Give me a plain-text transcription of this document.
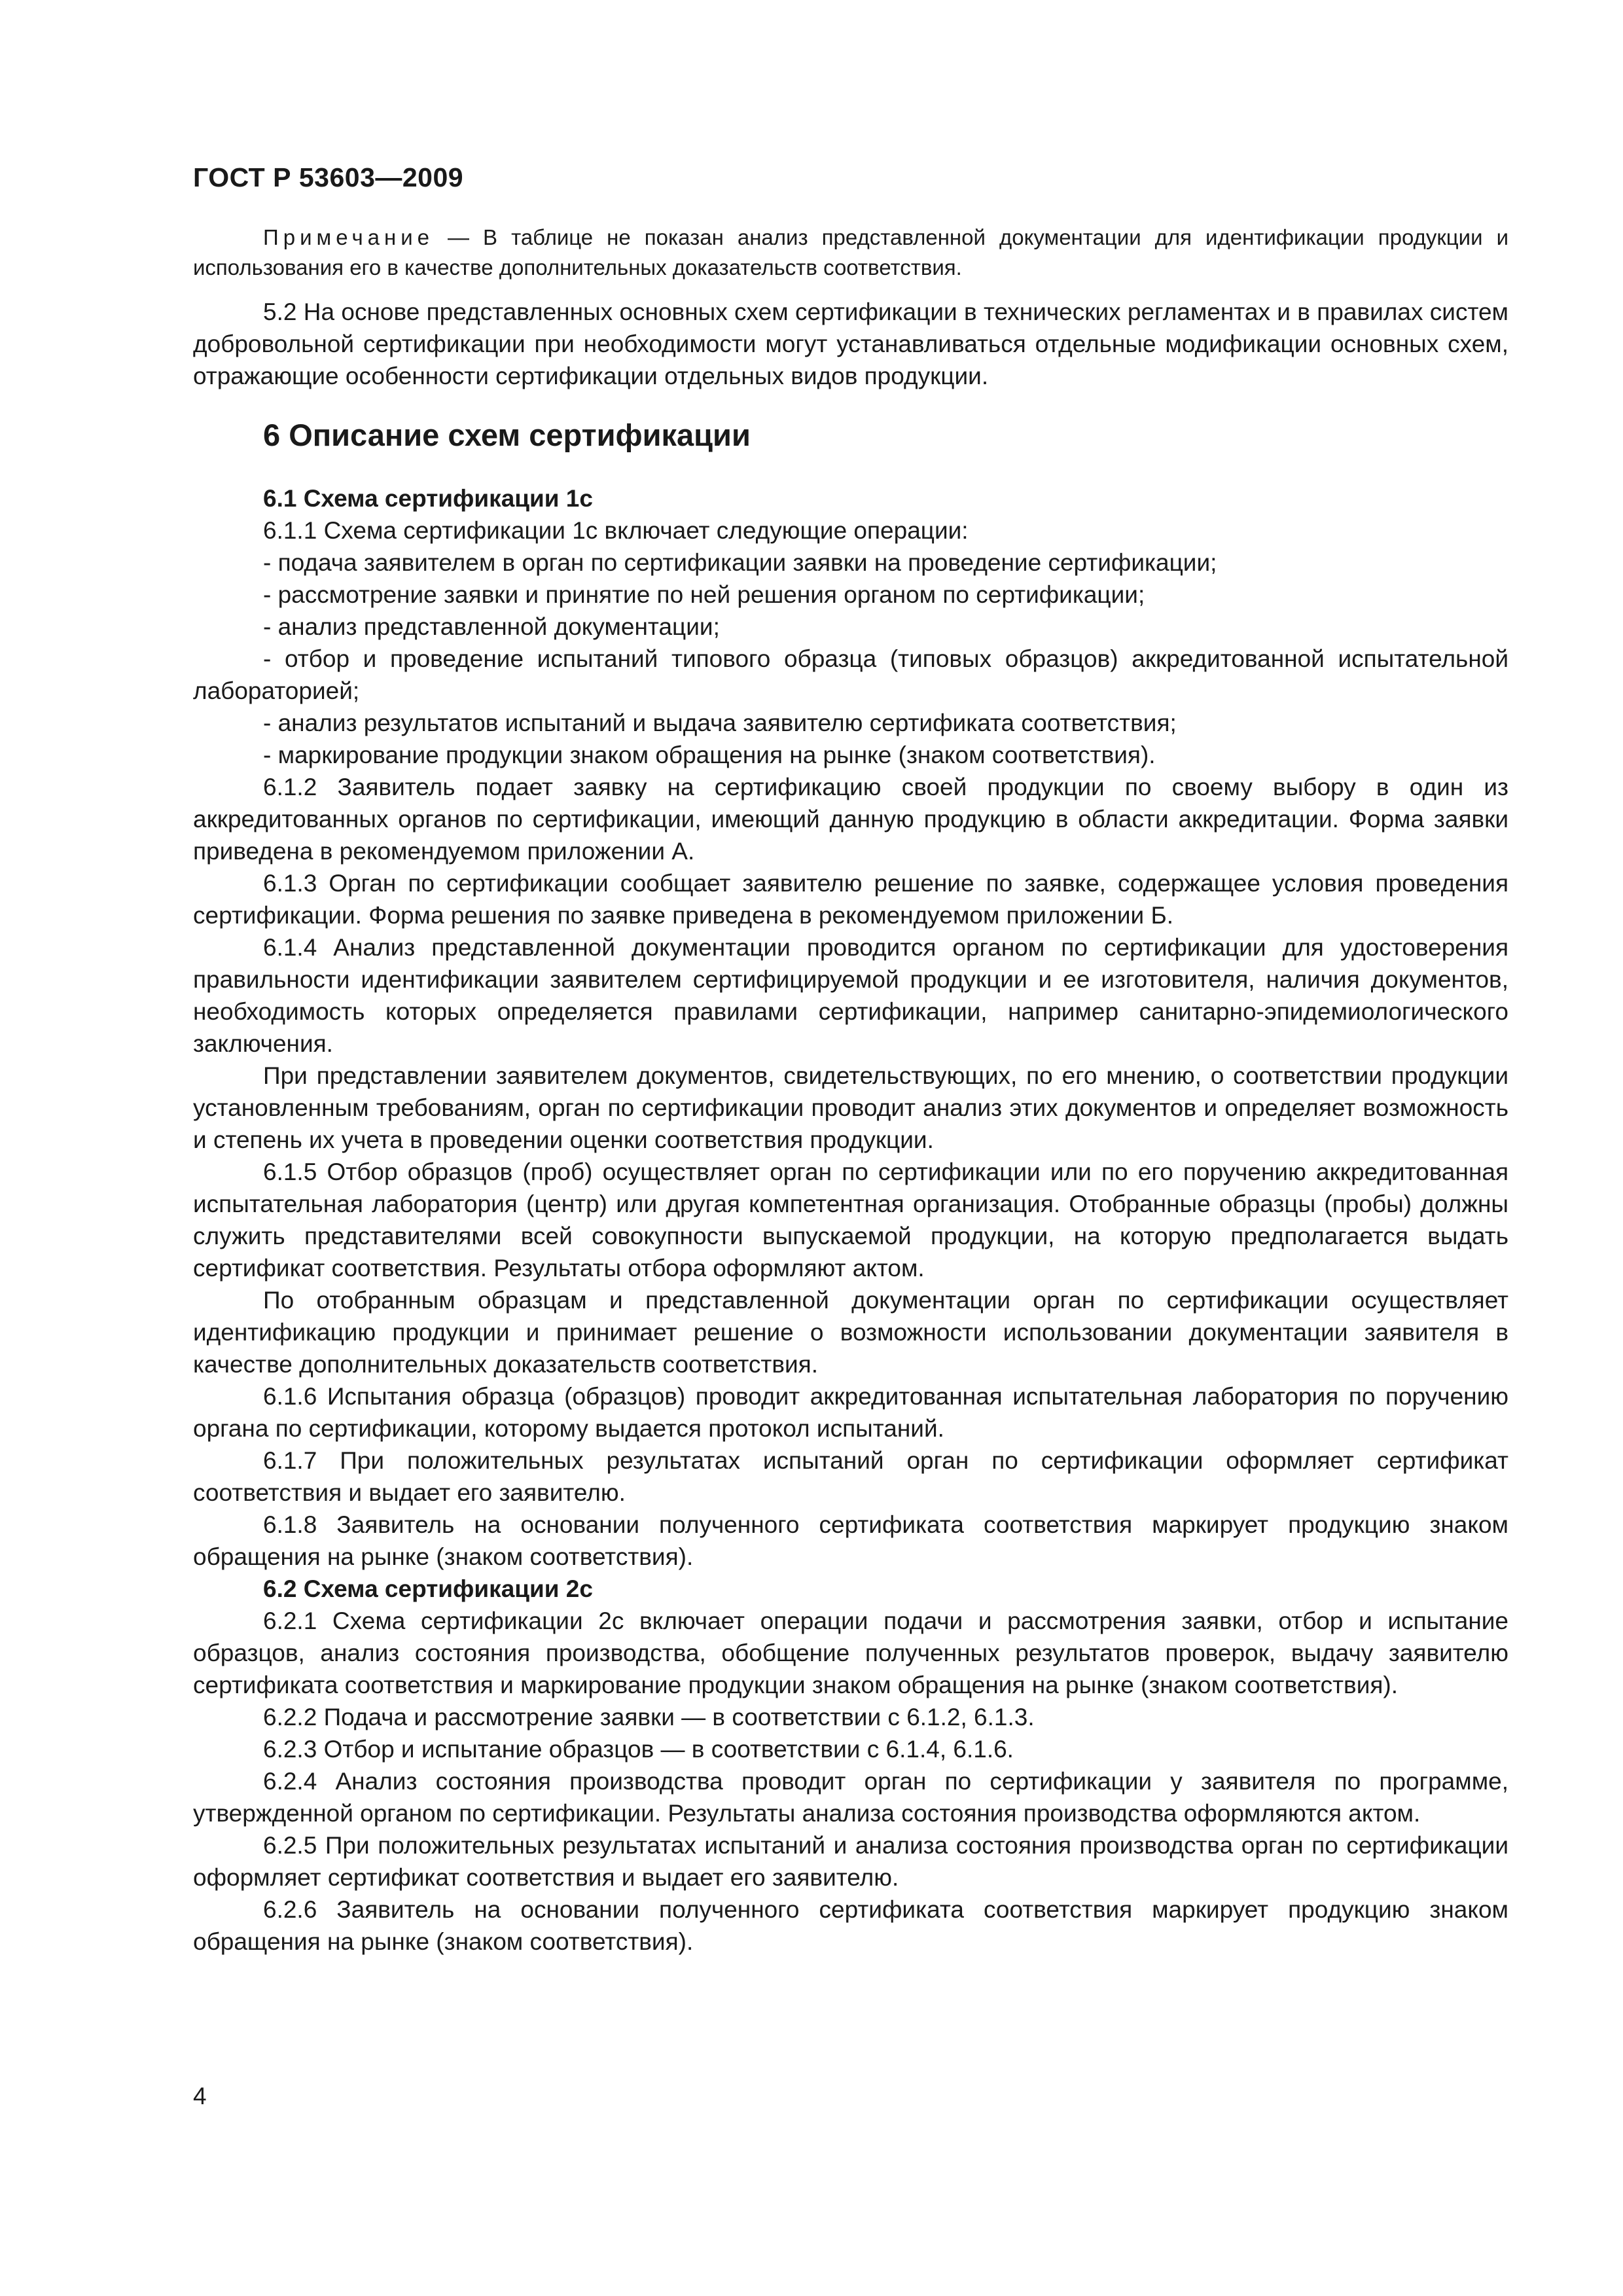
ГОСТ Р 53603—2009

Примечание — В таблице не показан анализ представленной документации для идентификации продукции и использования его в качестве дополнительных доказательств соответствия.

5.2 На основе представленных основных схем сертификации в технических регламентах и в правилах систем добровольной сертификации при необходимости могут устанавливаться отдельные модификации основных схем, отражающие особенности сертификации отдельных видов продукции.

6 Описание схем сертификации
6.1 Схема сертификации 1с

6.1.1 Схема сертификации 1с включает следующие операции:

- подача заявителем в орган по сертификации заявки на проведение сертификации;
- рассмотрение заявки и принятие по ней решения органом по сертификации;
- анализ представленной документации;
- отбор и проведение испытаний типового образца (типовых образцов) аккредитованной испытательной лабораторией;
- анализ результатов испытаний и выдача заявителю сертификата соответствия;
- маркирование продукции знаком обращения на рынке (знаком соответствия).

6.1.2 Заявитель подает заявку на сертификацию своей продукции по своему выбору в один из аккредитованных органов по сертификации, имеющий данную продукцию в области аккредитации. Форма заявки приведена в рекомендуемом приложении А.

6.1.3 Орган по сертификации сообщает заявителю решение по заявке, содержащее условия проведения сертификации. Форма решения по заявке приведена в рекомендуемом приложении Б.

6.1.4 Анализ представленной документации проводится органом по сертификации для удостоверения правильности идентификации заявителем сертифицируемой продукции и ее изготовителя, наличия документов, необходимость которых определяется правилами сертификации, например санитарно-эпидемиологического заключения.

При представлении заявителем документов, свидетельствующих, по его мнению, о соответствии продукции установленным требованиям, орган по сертификации проводит анализ этих документов и определяет возможность и степень их учета в проведении оценки соответствия продукции.

6.1.5 Отбор образцов (проб) осуществляет орган по сертификации или по его поручению аккредитованная испытательная лаборатория (центр) или другая компетентная организация. Отобранные образцы (пробы) должны служить представителями всей совокупности выпускаемой продукции, на которую предполагается выдать сертификат соответствия. Результаты отбора оформляют актом.

По отобранным образцам и представленной документации орган по сертификации осуществляет идентификацию продукции и принимает решение о возможности использовании документации заявителя в качестве дополнительных доказательств соответствия.

6.1.6 Испытания образца (образцов) проводит аккредитованная испытательная лаборатория по поручению органа по сертификации, которому выдается протокол испытаний.

6.1.7 При положительных результатах испытаний орган по сертификации оформляет сертификат соответствия и выдает его заявителю.

6.1.8 Заявитель на основании полученного сертификата соответствия маркирует продукцию знаком обращения на рынке (знаком соответствия).

6.2 Схема сертификации 2с

6.2.1 Схема сертификации 2с включает операции подачи и рассмотрения заявки, отбор и испытание образцов, анализ состояния производства, обобщение полученных результатов проверок, выдачу заявителю сертификата соответствия и маркирование продукции знаком обращения на рынке (знаком соответствия).

6.2.2 Подача и рассмотрение заявки — в соответствии с 6.1.2, 6.1.3.

6.2.3 Отбор и испытание образцов — в соответствии с 6.1.4, 6.1.6.

6.2.4 Анализ состояния производства проводит орган по сертификации у заявителя по программе, утвержденной органом по сертификации. Результаты анализа состояния производства оформляются актом.

6.2.5 При положительных результатах испытаний и анализа состояния производства орган по сертификации оформляет сертификат соответствия и выдает его заявителю.

6.2.6 Заявитель на основании полученного сертификата соответствия маркирует продукцию знаком обращения на рынке (знаком соответствия).

4
